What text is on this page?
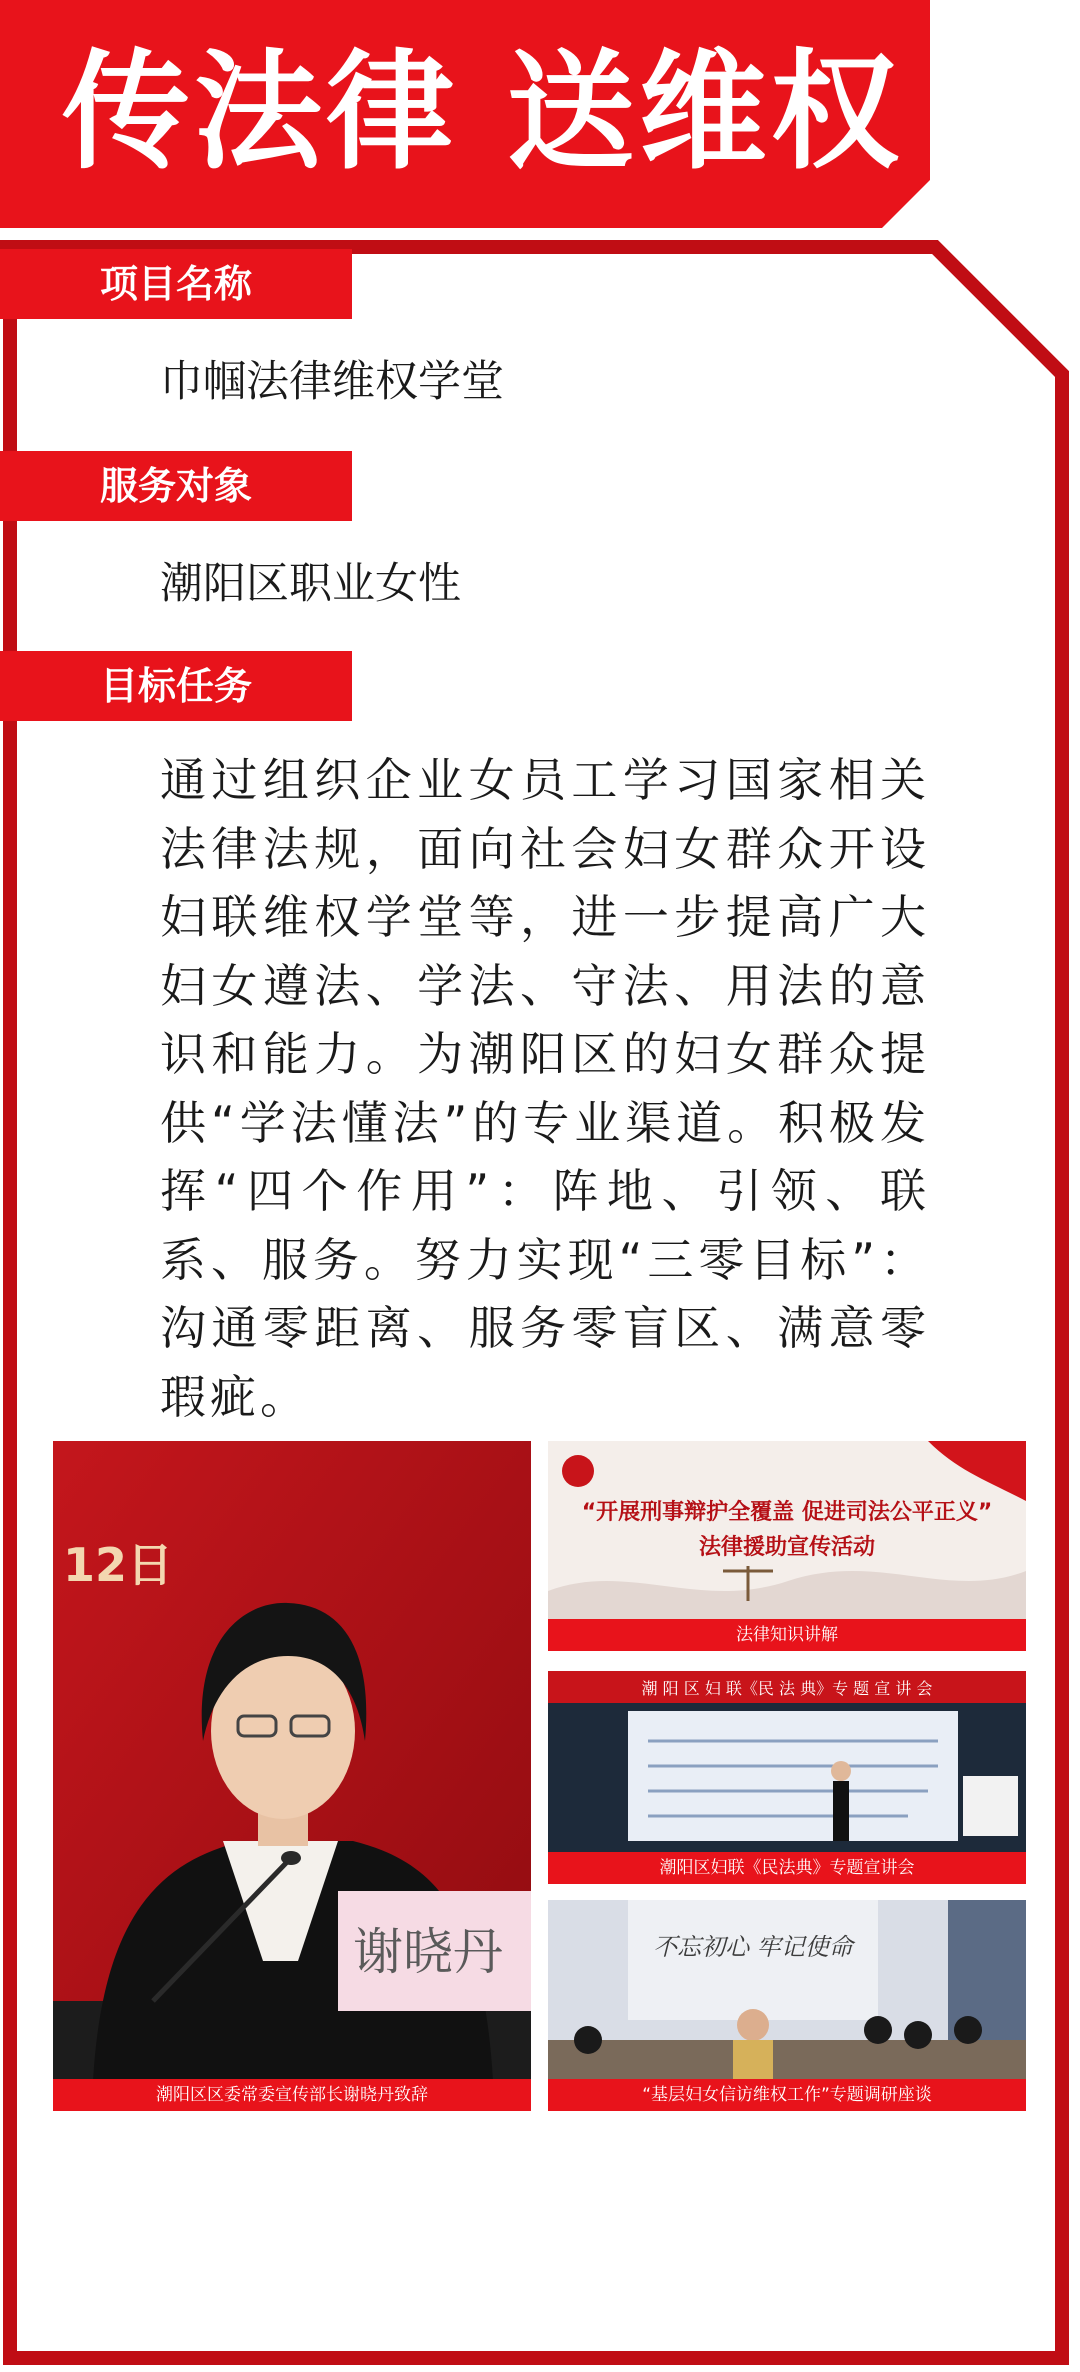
传法律 送维权
项目名称
巾帼法律维权学堂
服务对象
潮阳区职业女性
目标任务
通过组织企业女员工学习国家相关法律法规，面向社会妇女群众开设妇联维权学堂等，进一步提高广大妇女遵法、学法、守法、用法的意识和能力。为潮阳区的妇女群众提供“学法懂法”的专业渠道。积极发挥“四个作用”：阵地、引领、联系、服务。努力实现“三零目标”：沟通零距离、服务零盲区、满意零瑕疵。
谢晓丹
12日
潮阳区区委常委宣传部长谢晓丹致辞
“开展刑事辩护全覆盖 促进司法公平正义”
法律援助宣传活动
法律知识讲解
潮 阳 区 妇 联《民 法 典》专 题 宣 讲 会
潮阳区妇联《民法典》专题宣讲会
不忘初心 牢记使命
“基层妇女信访维权工作”专题调研座谈
